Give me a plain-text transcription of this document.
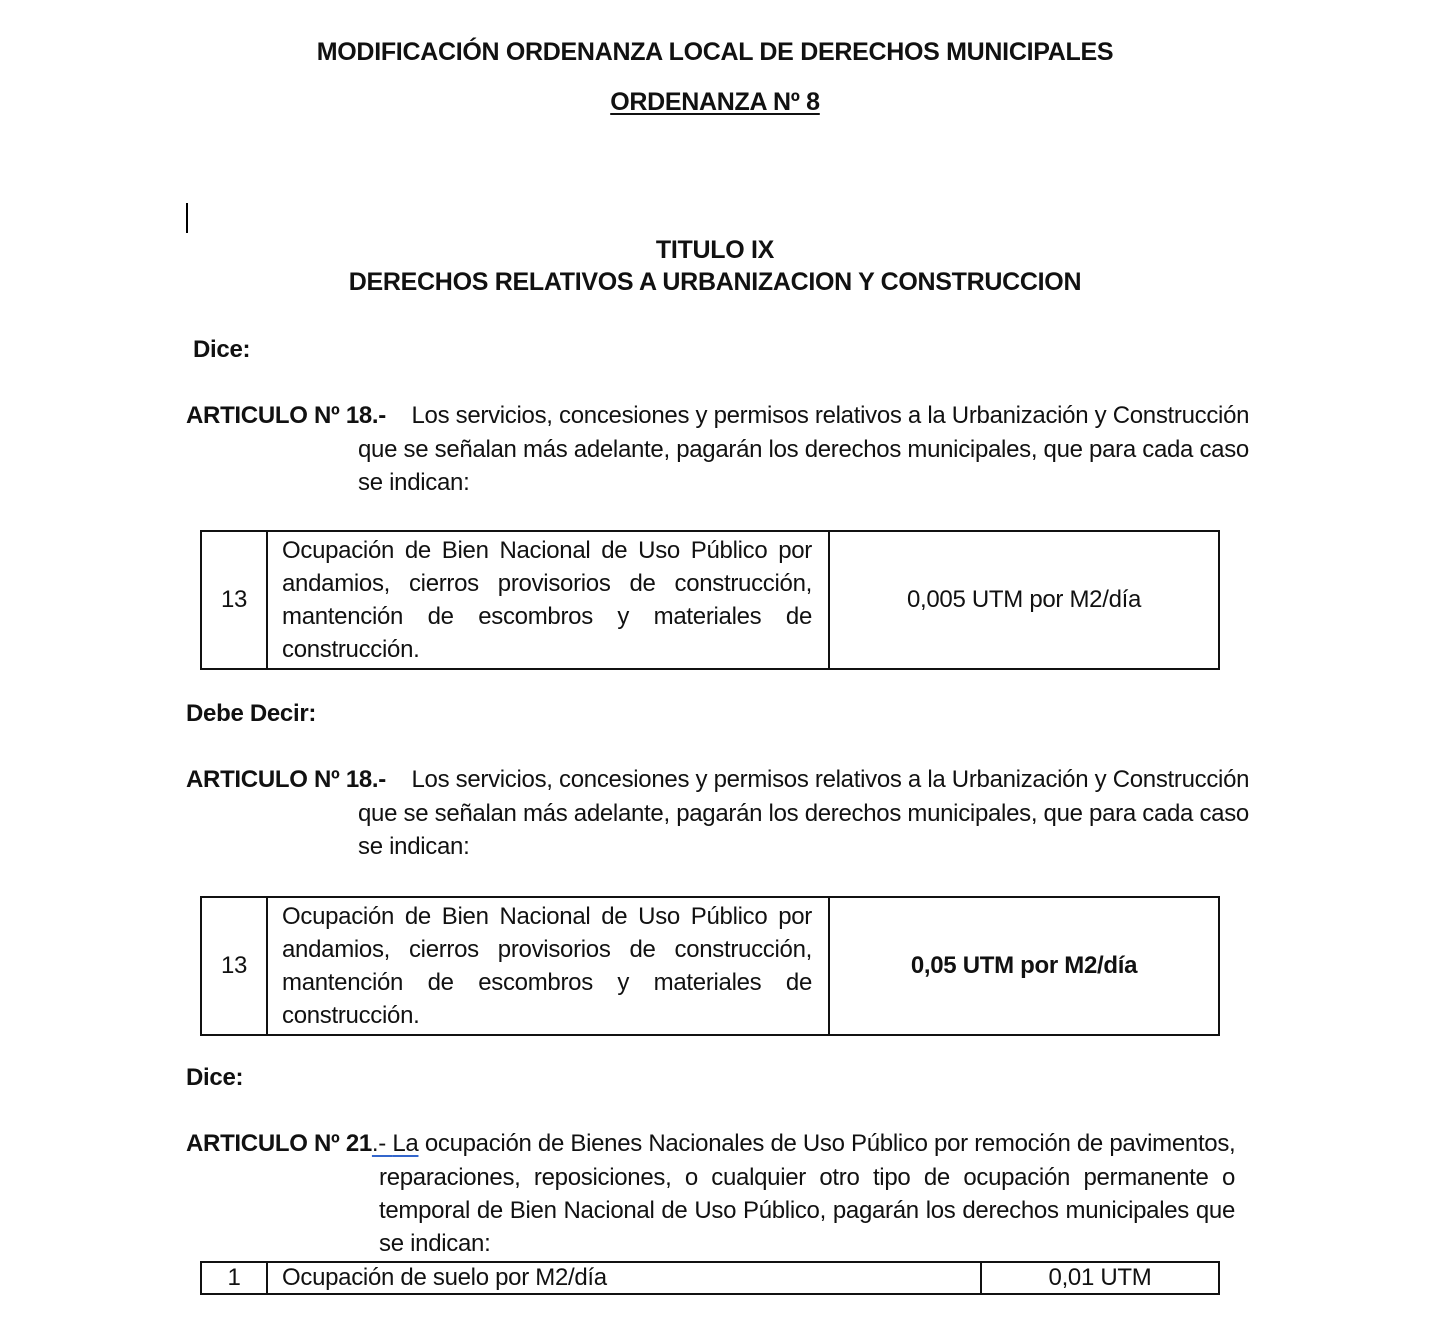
MODIFICACIÓN ORDENANZA LOCAL DE DERECHOS MUNICIPALES
ORDENANZA Nº 8
TITULO IX
DERECHOS RELATIVOS A URBANIZACION Y CONSTRUCCION
Dice:
ARTICULO Nº 18.- Los servicios, concesiones y permisos relativos a la Urbanización y Construcción
que se señalan más adelante, pagarán los derechos municipales, que para cada caso
se indican:
13	Ocupación de Bien Nacional de Uso Público por andamios, cierros provisorios de construcción, mantención de escombros y materiales de construcción.	0,005 UTM por M2/día
Debe Decir:
ARTICULO Nº 18.- Los servicios, concesiones y permisos relativos a la Urbanización y Construcción
que se señalan más adelante, pagarán los derechos municipales, que para cada caso
se indican:
13	Ocupación de Bien Nacional de Uso Público por andamios, cierros provisorios de construcción, mantención de escombros y materiales de construcción.	0,05 UTM por M2/día
Dice:
ARTICULO Nº 21.- La ocupación de Bienes Nacionales de Uso Público por remoción de pavimentos,
reparaciones, reposiciones, o cualquier otro tipo de ocupación permanente o
temporal de Bien Nacional de Uso Público, pagarán los derechos municipales que
se indican:
1	Ocupación de suelo por M2/día	0,01 UTM
